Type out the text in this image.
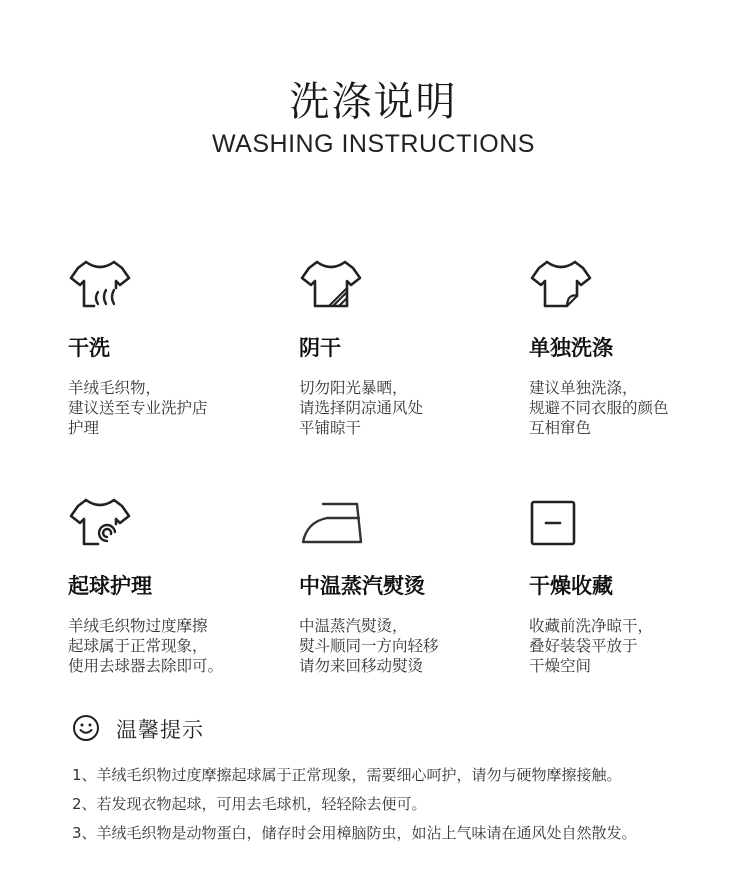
洗涤说明
WASHING INSTRUCTIONS
干洗
羊绒毛织物，
建议送至专业洗护店
护理
阴干
切勿阳光暴晒，
请选择阴凉通风处
平铺晾干
单独洗涤
建议单独洗涤，
规避不同衣服的颜色
互相窜色
起球护理
羊绒毛织物过度摩擦
起球属于正常现象，
使用去球器去除即可。
中温蒸汽熨烫
中温蒸汽熨烫，
熨斗顺同一方向轻移
请勿来回移动熨烫
干燥收藏
收藏前洗净晾干，
叠好装袋平放于
干燥空间
温馨提示
1、羊绒毛织物过度摩擦起球属于正常现象，需要细心呵护，请勿与硬物摩擦接触。
2、若发现衣物起球，可用去毛球机，轻轻除去便可。
3、羊绒毛织物是动物蛋白，储存时会用樟脑防虫，如沾上气味请在通风处自然散发。
